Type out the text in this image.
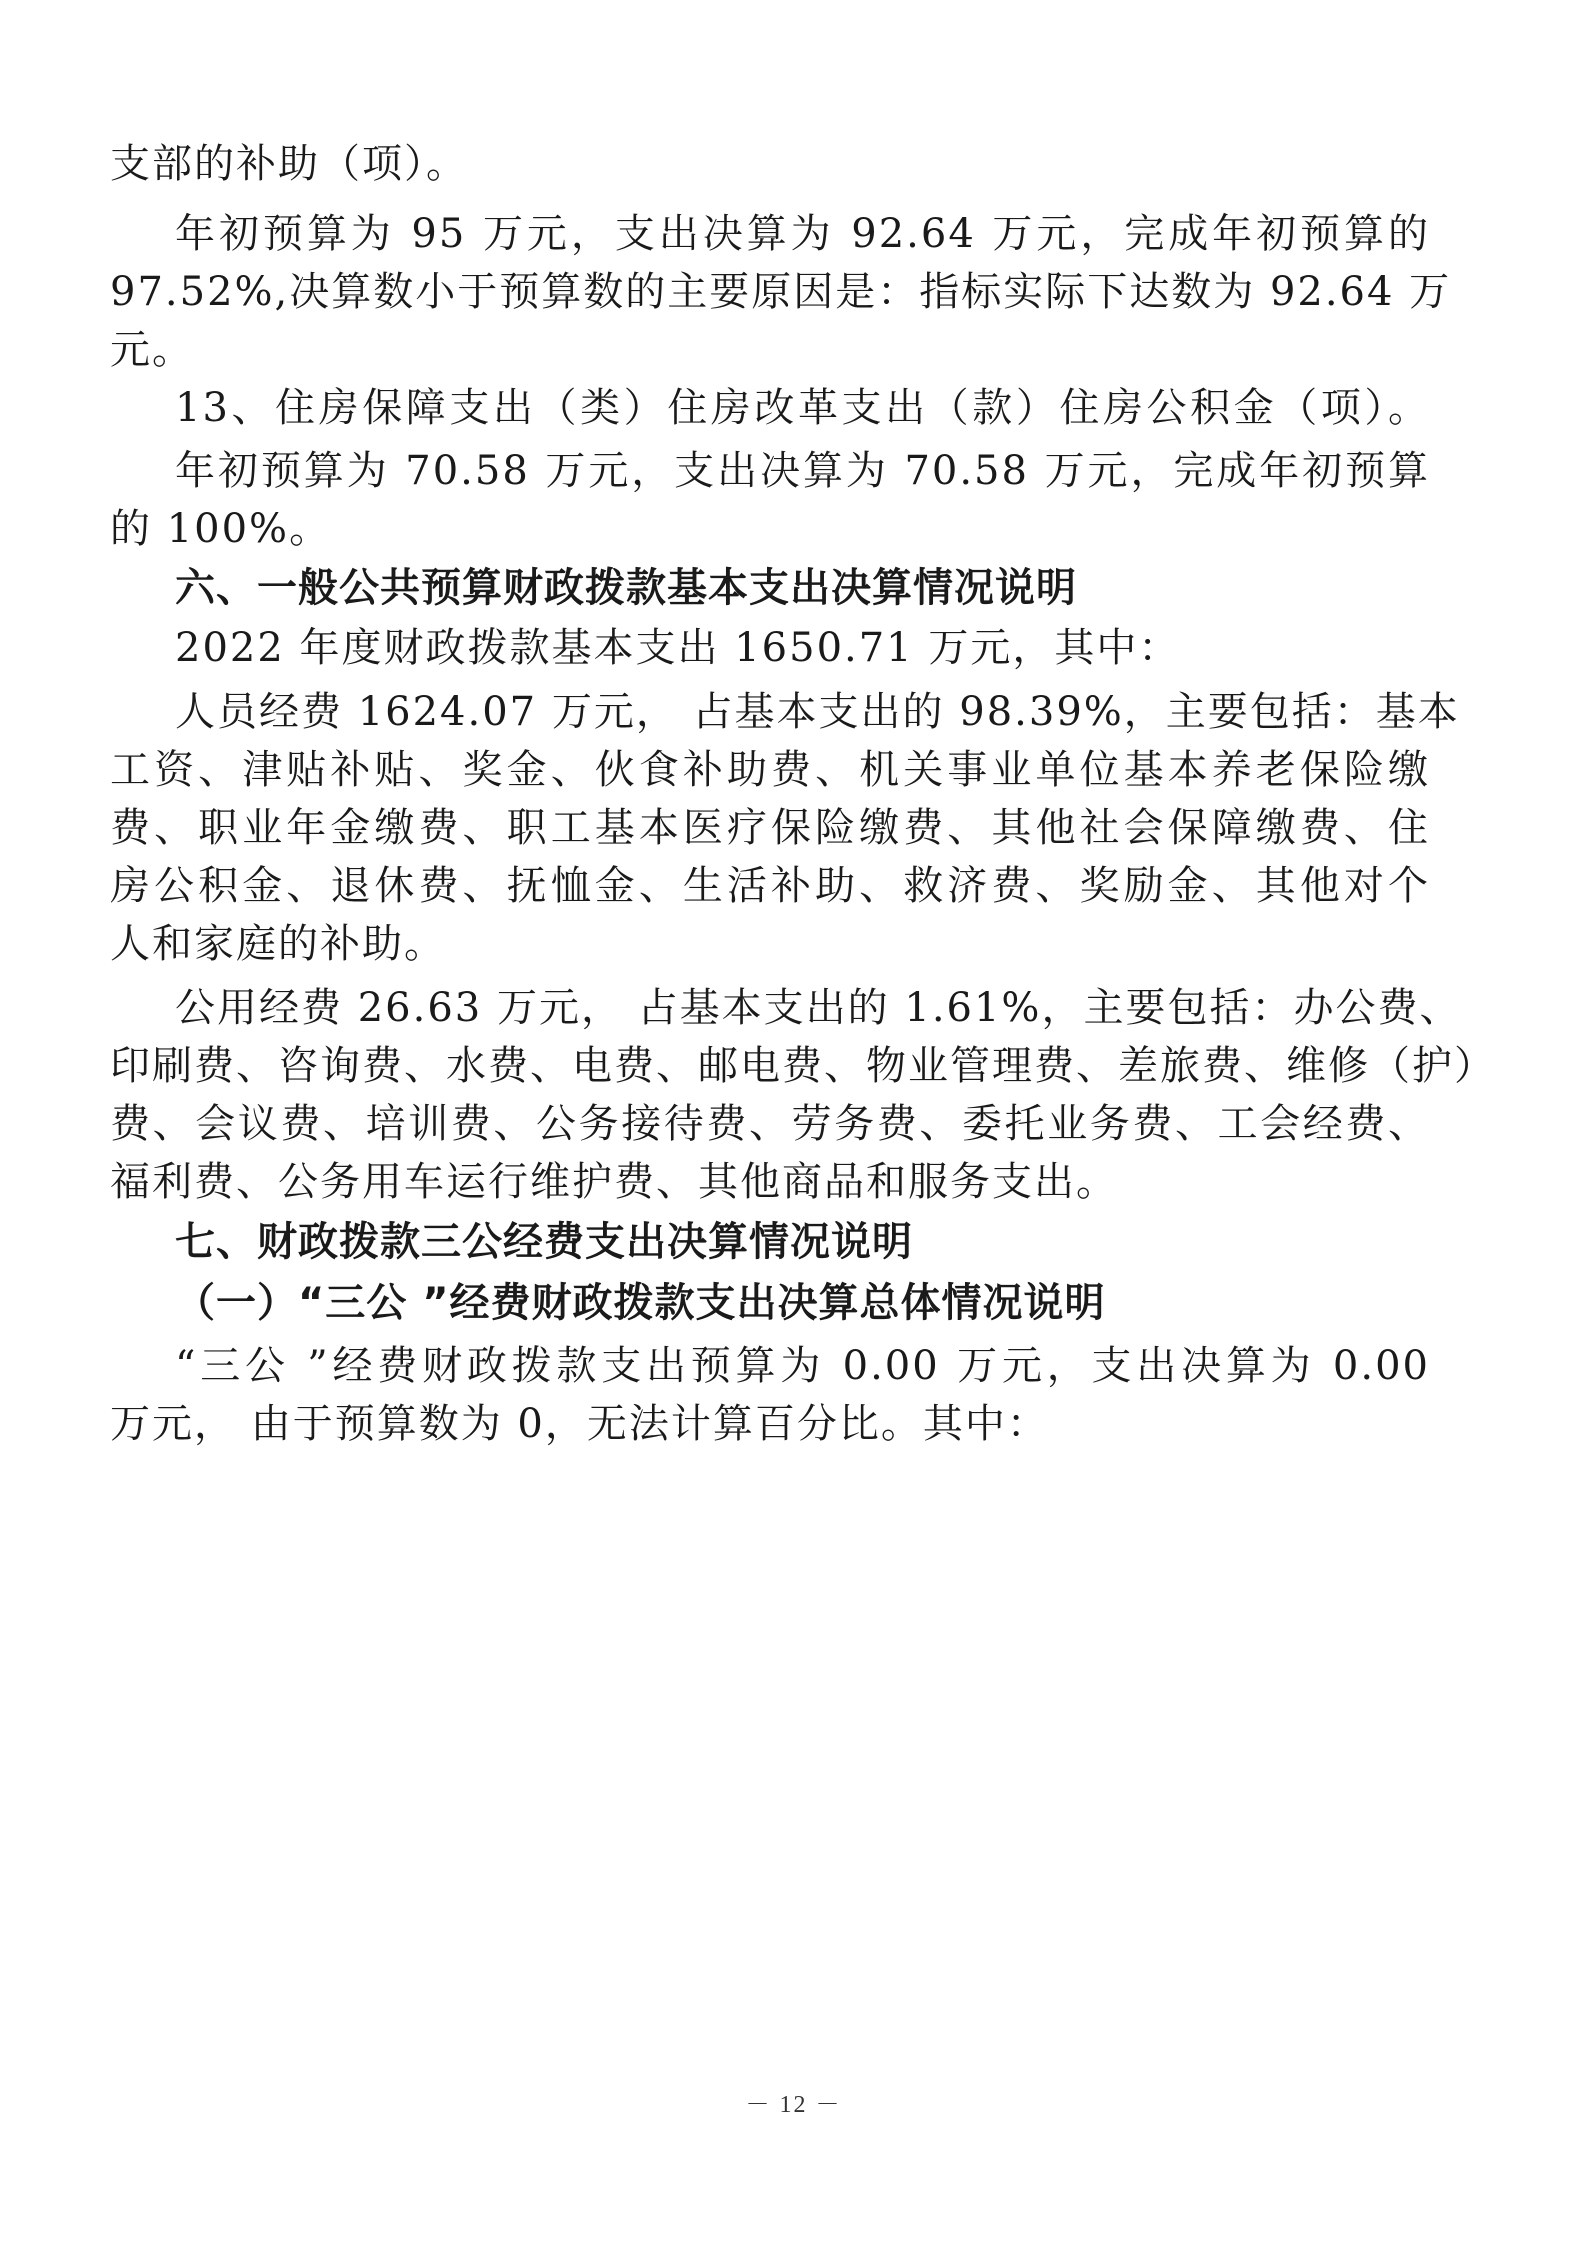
支部的补助（项）。
年初预算为 95 万元，支出决算为 92.64 万元，完成年初预算的
97.52%,决算数小于预算数的主要原因是：指标实际下达数为 92.64 万
元。
13、住房保障支出（类）住房改革支出（款）住房公积金（项）。
年初预算为 70.58 万元，支出决算为 70.58 万元，完成年初预算
的 100%。
六、一般公共预算财政拨款基本支出决算情况说明
2022 年度财政拨款基本支出 1650.71 万元，其中：
人员经费 1624.07 万元， 占基本支出的 98.39%，主要包括：基本
工资、津贴补贴、奖金、伙食补助费、机关事业单位基本养老保险缴
费、职业年金缴费、职工基本医疗保险缴费、其他社会保障缴费、住
房公积金、退休费、抚恤金、生活补助、救济费、奖励金、其他对个
人和家庭的补助。
公用经费 26.63 万元， 占基本支出的 1.61%，主要包括：办公费、
印刷费、咨询费、水费、电费、邮电费、物业管理费、差旅费、维修（护）
费、会议费、培训费、公务接待费、劳务费、委托业务费、工会经费、
福利费、公务用车运行维护费、其他商品和服务支出。
七、财政拨款三公经费支出决算情况说明
（一）“三公 ”经费财政拨款支出决算总体情况说明
“三公 ”经费财政拨款支出预算为 0.00 万元，支出决算为 0.00
万元， 由于预算数为 0，无法计算百分比。其中：
－ 12 －
